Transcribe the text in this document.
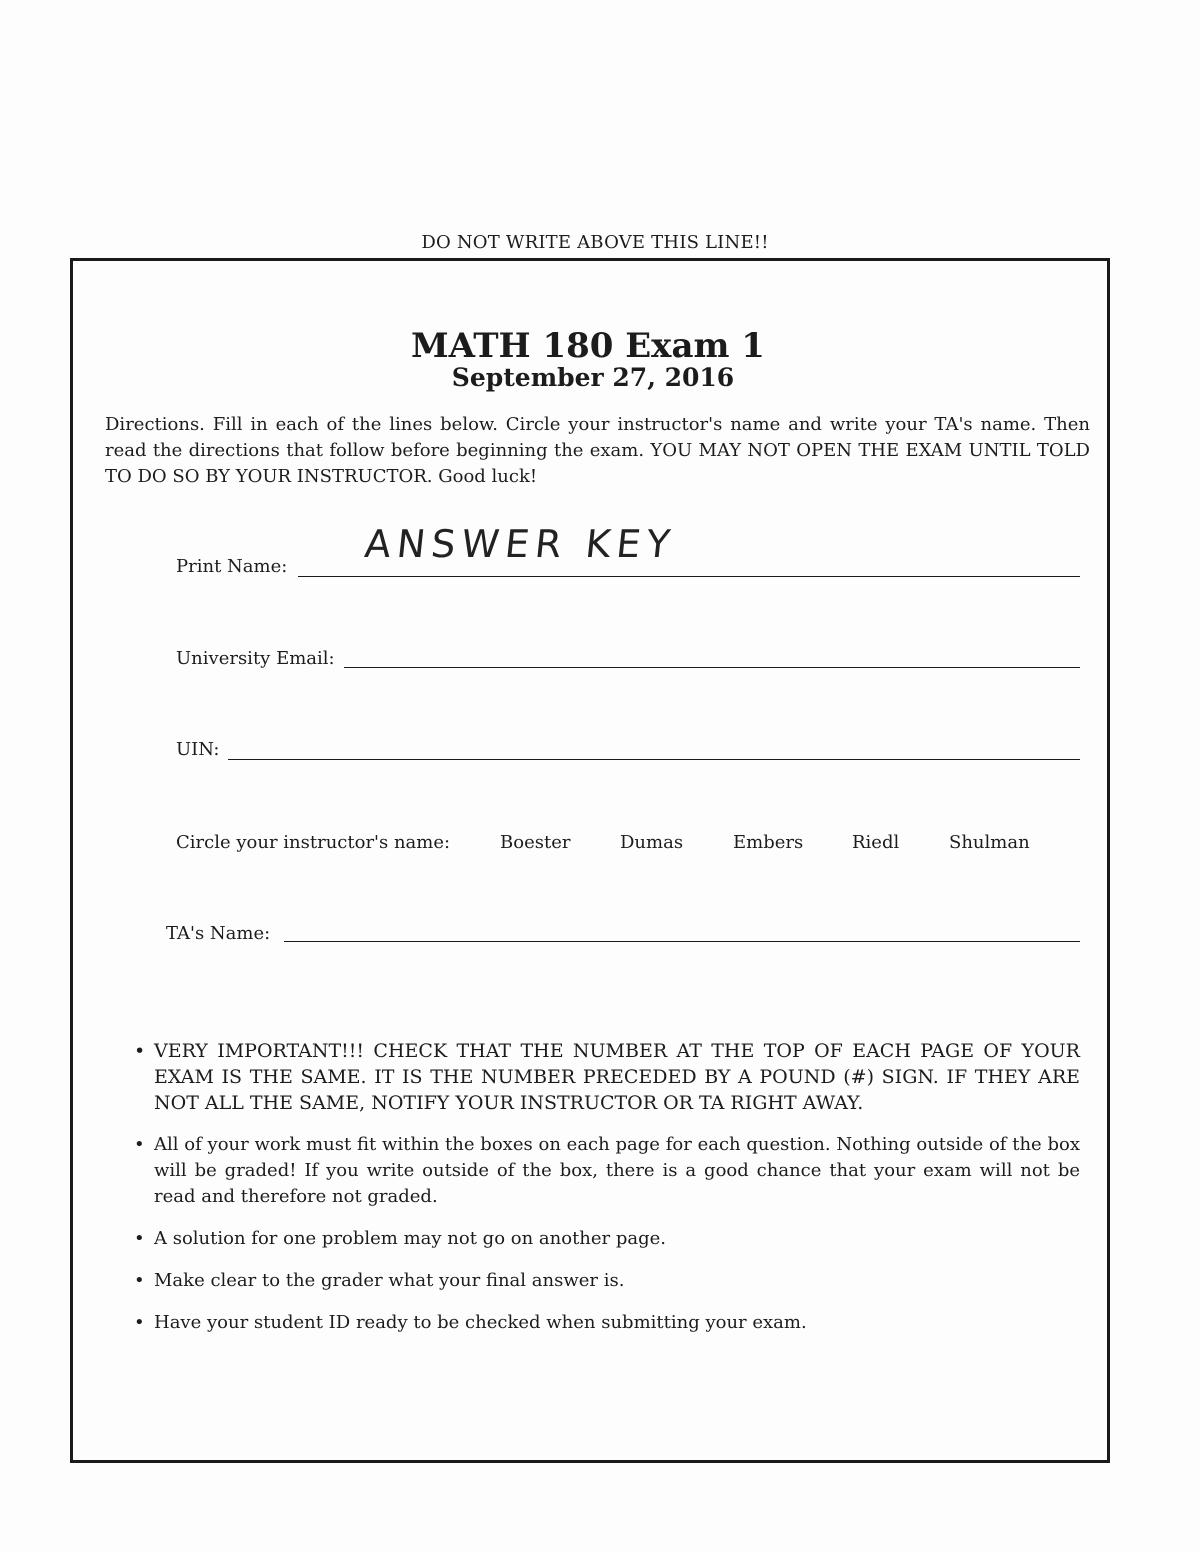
DO NOT WRITE ABOVE THIS LINE!!
MATH 180 Exam 1
September 27, 2016
Directions. Fill in each of the lines below. Circle your instructor's name and write your TA's name. Then read the directions that follow before beginning the exam. YOU MAY NOT OPEN THE EXAM UNTIL TOLD TO DO SO BY YOUR INSTRUCTOR. Good luck!
Print Name:
ANSWER KEY
University Email:
UIN:
Circle your instructor's name:	Boester	Dumas	Embers	Riedl	Shulman
TA's Name:
• VERY IMPORTANT!!! CHECK THAT THE NUMBER AT THE TOP OF EACH PAGE OF YOUR EXAM IS THE SAME. IT IS THE NUMBER PRECEDED BY A POUND (#) SIGN. IF THEY ARE NOT ALL THE SAME, NOTIFY YOUR INSTRUCTOR OR TA RIGHT AWAY.
• All of your work must fit within the boxes on each page for each question. Nothing outside of the box will be graded! If you write outside of the box, there is a good chance that your exam will not be read and therefore not graded.
• A solution for one problem may not go on another page.
• Make clear to the grader what your final answer is.
• Have your student ID ready to be checked when submitting your exam.
